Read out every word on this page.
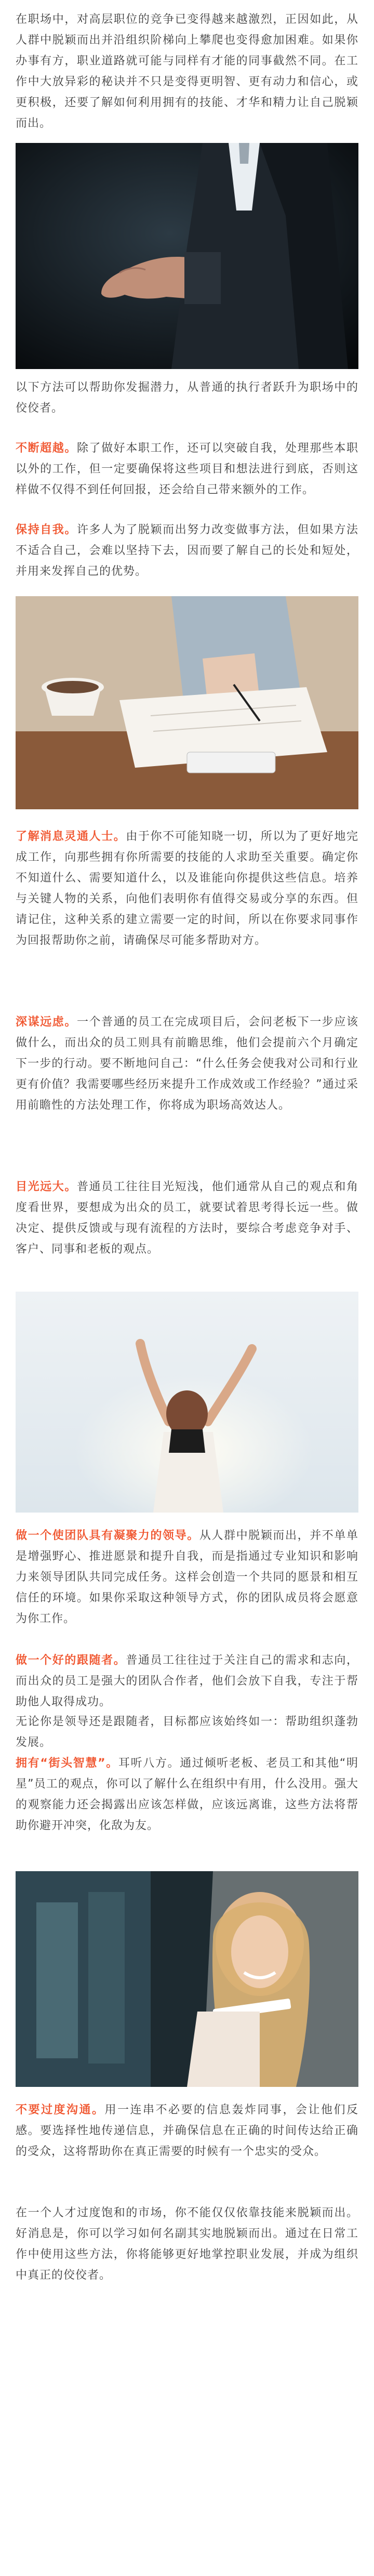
在职场中，对高层职位的竞争已变得越来越激烈，正因如此，从人群中脱颖而出并沿组织阶梯向上攀爬也变得愈加困难。如果你办事有方，职业道路就可能与同样有才能的同事截然不同。在工作中大放异彩的秘诀并不只是变得更明智、更有动力和信心，或更积极，还要了解如何利用拥有的技能、才华和精力让自己脱颖而出。

以下方法可以帮助你发掘潜力，从普通的执行者跃升为职场中的佼佼者。

不断超越。除了做好本职工作，还可以突破自我，处理那些本职以外的工作，但一定要确保将这些项目和想法进行到底，否则这样做不仅得不到任何回报，还会给自己带来额外的工作。

保持自我。许多人为了脱颖而出努力改变做事方法，但如果方法不适合自己，会难以坚持下去，因而要了解自己的长处和短处，并用来发挥自己的优势。

了解消息灵通人士。由于你不可能知晓一切，所以为了更好地完成工作，向那些拥有你所需要的技能的人求助至关重要。确定你不知道什么、需要知道什么，以及谁能向你提供这些信息。培养与关键人物的关系，向他们表明你有值得交易或分享的东西。但请记住，这种关系的建立需要一定的时间，所以在你要求同事作为回报帮助你之前，请确保尽可能多帮助对方。

深谋远虑。一个普通的员工在完成项目后，会问老板下一步应该做什么，而出众的员工则具有前瞻思维，他们会提前六个月确定下一步的行动。要不断地问自己：“什么任务会使我对公司和行业更有价值？我需要哪些经历来提升工作成效或工作经验？”通过采用前瞻性的方法处理工作，你将成为职场高效达人。

目光远大。普通员工往往目光短浅，他们通常从自己的观点和角度看世界，要想成为出众的员工，就要试着思考得长远一些。做决定、提供反馈或与现有流程的方法时，要综合考虑竞争对手、客户、同事和老板的观点。

做一个使团队具有凝聚力的领导。从人群中脱颖而出，并不单单是增强野心、推进愿景和提升自我，而是指通过专业知识和影响力来领导团队共同完成任务。这样会创造一个共同的愿景和相互信任的环境。如果你采取这种领导方式，你的团队成员将会愿意为你工作。

做一个好的跟随者。普通员工往往过于关注自己的需求和志向，而出众的员工是强大的团队合作者，他们会放下自我，专注于帮助他人取得成功。

无论你是领导还是跟随者，目标都应该始终如一：帮助组织蓬勃发展。

拥有“街头智慧”。耳听八方。通过倾听老板、老员工和其他“明星”员工的观点，你可以了解什么在组织中有用，什么没用。强大的观察能力还会揭露出应该怎样做，应该远离谁，这些方法将帮助你避开冲突，化敌为友。

不要过度沟通。用一连串不必要的信息轰炸同事，会让他们反感。要选择性地传递信息，并确保信息在正确的时间传达给正确的受众，这将帮助你在真正需要的时候有一个忠实的受众。

在一个人才过度饱和的市场，你不能仅仅依靠技能来脱颖而出。好消息是，你可以学习如何名副其实地脱颖而出。通过在日常工作中使用这些方法，你将能够更好地掌控职业发展，并成为组织中真正的佼佼者。
